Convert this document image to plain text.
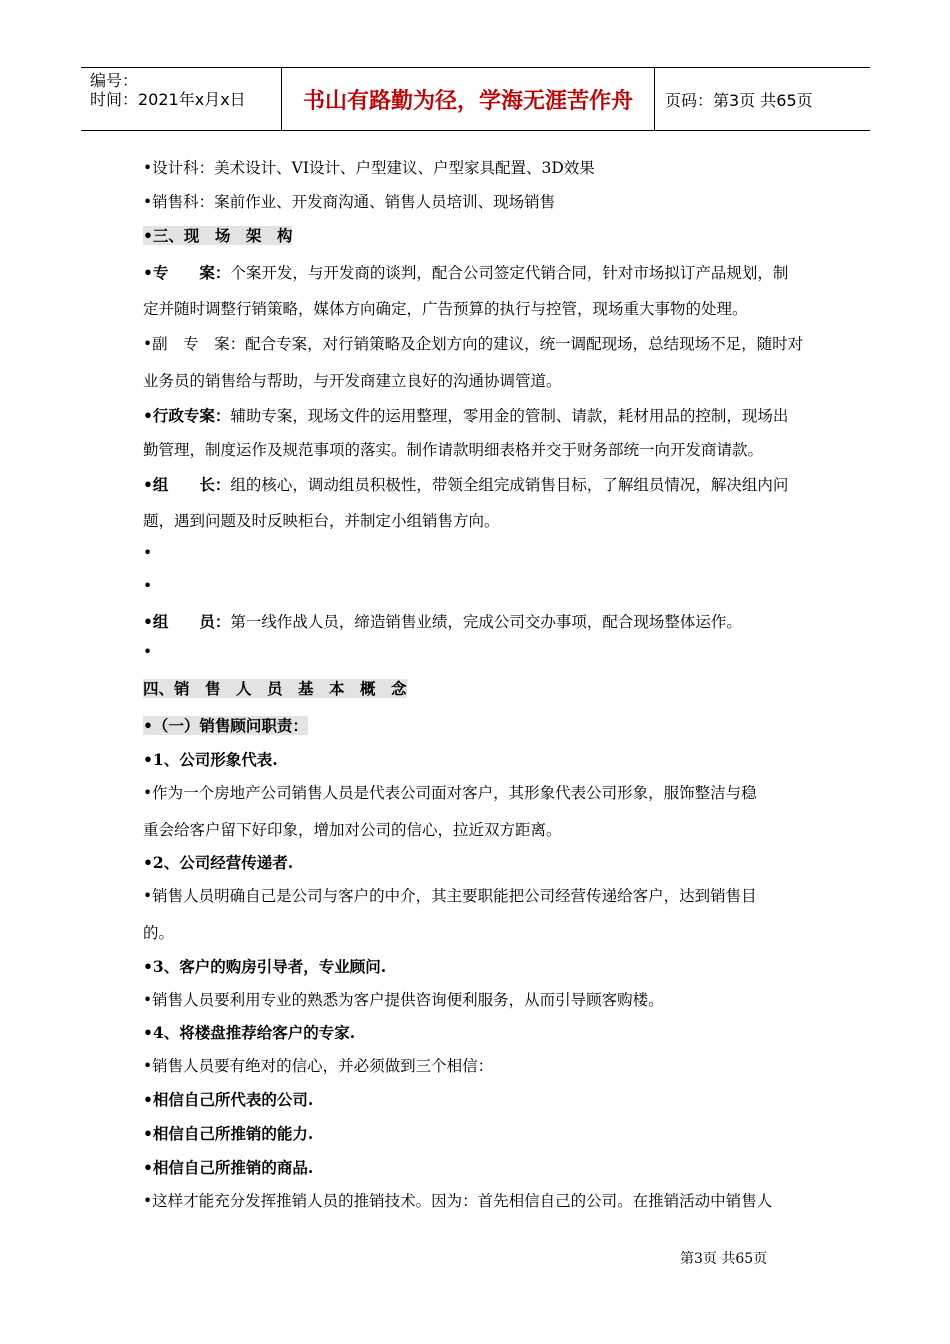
编号：
时间：2021年x月x日	书山有路勤为径，学海无涯苦作舟	页码：第3页 共65页
•设计科：美术设计、VI设计、户型建议、户型家具配置、3D效果
•销售科：案前作业、开发商沟通、销售人员培训、现场销售
•三、现　场　架　构
•专　　案：个案开发，与开发商的谈判，配合公司签定代销合同，针对市场拟订产品规划，制
定并随时调整行销策略，媒体方向确定，广告预算的执行与控管，现场重大事物的处理。
•副　专　案：配合专案，对行销策略及企划方向的建议，统一调配现场，总结现场不足，随时对
业务员的销售给与帮助，与开发商建立良好的沟通协调管道。
•行政专案：辅助专案，现场文件的运用整理，零用金的管制、请款，耗材用品的控制，现场出
勤管理，制度运作及规范事项的落实。制作请款明细表格并交于财务部统一向开发商请款。
•组　　长：组的核心，调动组员积极性，带领全组完成销售目标，了解组员情况，解决组内问
题，遇到问题及时反映柜台，并制定小组销售方向。
•
•
•组　　员：第一线作战人员，缔造销售业绩，完成公司交办事项，配合现场整体运作。
•
四、销　售　人　员　基　本　概　念
•（一）销售顾问职责：
•1、公司形象代表.
•作为一个房地产公司销售人员是代表公司面对客户，其形象代表公司形象，服饰整洁与稳
重会给客户留下好印象，增加对公司的信心，拉近双方距离。
•2、公司经营传递者.
•销售人员明确自己是公司与客户的中介，其主要职能把公司经营传递给客户，达到销售目
的。
•3、客户的购房引导者，专业顾问.
•销售人员要利用专业的熟悉为客户提供咨询便利服务，从而引导顾客购楼。
•4、将楼盘推荐给客户的专家.
•销售人员要有绝对的信心，并必须做到三个相信：
•相信自己所代表的公司.
•相信自己所推销的能力.
•相信自己所推销的商品.
•这样才能充分发挥推销人员的推销技术。因为：首先相信自己的公司。在推销活动中销售人
第3页 共65页
